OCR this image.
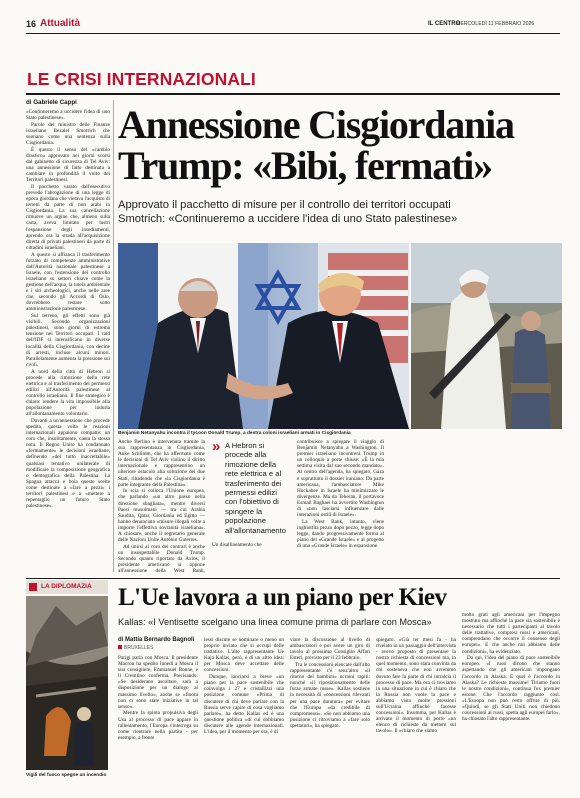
16 Attualità	IL CENTRO
MERCOLEDÌ 11 FEBBRAIO 2026
LE CRISI INTERNAZIONALI
di Gabriele Cappi

«Continueremo a uccidere l'idea di uno Stato palestinese».

Parole del ministro delle Finanze israeliano Bezalel Smotrich che suonano come una sentenza sulla Cisgiordania.

È questo il senso del «cambio drastico» approvato nei giorni scorsi dal gabinetto di sicurezza di Tel Aviv: una annessione di fatto destinata a cambiare in profondità il volto dei Territori palestinesi.

Il pacchetto varato dall'esecutivo prevede l'abrogazione di una legge di epoca giordana che vietava l'acquisto di terreni da parte di non arabi in Cisgiordania. La sua cancellazione rimuove un argine che, almeno sulla carta, aveva limitato per lustri l'espansione degli insediamenti, aprendo ora la strada all'acquisizione diretta di privati palestinesi da parte di cittadini israeliani.

A questo si affianca il trasferimento forzato di competenze amministrative dall'Autorità nazionale palestinese a Israele, con l'estensione del controllo israeliano su settori chiave come la gestione dell'acqua, la tutela ambientale e i siti archeologici, anche nelle aree che, secondo gli Accordi di Oslo, dovrebbero restare sotto amministrazione palestinese.

Sul terreno, gli effetti sono già visibili. Secondo organizzazioni palestinesi, sono giorni di estrema tensione nei Territori occupati. I raid dell'IDF si intensificano in diverse località della Cisgiordania, con decine di arresti, incluse alcuni minori. Parallelamente aumenta la pressione sui civili.

A nord della città di Hebron si procede alla rimozione della rete elettrica e al trasferimento dei permessi edilizi all'Autorità palestinese al controllo israeliano. Il fine strategico è chiaro: rendere la vita impossibile alla popolazione per indurla all'allontanamento volontario.

Davanti a un'annessione che procede spedita, questa volta le reazioni internazionali appaiono compatte: un coro che, insolitamente, canta la stessa nota. Il Regno Unito ha condannato «fermamente» le decisioni israeliane, definendo «del tutto inaccettabile» qualsiasi tentativo unilaterale di modificare la composizione geografica o demografica della Palestina. La Spagna attacca e boia queste scelte come destinate a «fare a pezzi» i territori palestinesi e a «mettere a repentaglio un futuro Stato palestinese».

Annessione Cisgiordania
Trump: «Bibi, fermati»
Approvato il pacchetto di misure per il controllo dei territori occupati
Smotrich: «Continueremo a uccidere l'idea di uno Stato palestinese»
Benjamin Netanyahu incontra il tycoon Donald Trump, a destra coloni israeliani armati in Cisgiordania

Anche Berlino è intervenuta tramite la sua rappresentanza in Cisgiordania, Anke Schlimm, che ha affermato come le decisioni di Tel Aviv violino il diritto internazionale e rappresentino un ulteriore ostacolo alla soluzione dei due Stati, ribadendo che «la Cisgiordania è parte integrante della Palestina».

In scia si colloca l'Unione europea, che parlando «un altro passo nella direzione sbagliata», mentre diversi Paesi musulmani — tra cui Arabia Saudita, Qatar, Giordania ed Egitto — hanno denunciato «misure illegali volte a imporre l'effettiva sovranità israeliana». A chiosare, anche il segretario generale delle Nazioni Unite António Guterres.

Ad unirsi al coro dei contrari è anche un insospettabile Donald Trump. Secondo quanto riportato da Axios, il presidente americano si oppone all'annessione della West Bank,

» A Hebron si procede alla rimozione della rete elettrica e al trasferimento dei permessi edilizi con l'obiettivo di spingere la popolazione all'allontanamento

Un disallineamento che

contribuisce a spiegare il viaggio di Benjamin Netanyahu a Washington. Il premier israeliano incontrerà Trump in un colloquio a porte chiuse: «È la mia settima visita dal suo secondo mandato». Al centro dell'agenda, ha spiegato, Gaza e soprattutto il dossier iraniano. Da parte americana, l'ambasciatore Mike Huckabee in Israele ha minimizzato le divergenze. Ma da Teheran, il portavoce Esmail Baghaei ha avvertito Washington di «non lasciarsi influenzare dalle interazioni ostili di Israele».

La West Bank, intanto, viene inghiottita pezzo dopo pezzo, legge dopo legge, dando progressivamente forma al piano del «Grande Israele» e al progetto di una «Grande Israele» in espansione.

LA DIPLOMAZIA
Vigili del fuoco spegne un incendio
L'Ue lavora a un piano per Kiev
Kallas: «I Ventisette scelgano una linea comune prima di parlare con Mosca»
di Mattia Bernardo Bagnoli
BRUXELLES

Parigi parla con Mosca. Il presidente Macron ha spedito lunedì a Mosca il suo consigliere, Emmanuel Bonne, e il Cremlino conferma. Precisando: «Se desiderano ascoltare, sarà a disposizione per un dialogo al massimo livello», anche se «finora non ci sono state iniziative in tal senso».

Mentre la spinta propulsiva degli Usa al processo di pace appare in rallentamento, l'Europa s'interroga su come rientrare nella partita - per esempio, a fronte

lessi discute se nominare o meno un proprio inviato che si occupi delle trattative. L'alto rappresentante Ue Kaja Kallas, però, è di un altro idea: per Mosca deve accettare delle concessioni.

Dunque, lanciarsi a breve «un piano per la pace sostenibile che coinvolga i 27 e cristallizzi una posizione comune «Prima di discutere di chi deve parlare con la Russia serve capire di cosa vogliamo parlare», ha detto Kallas ed è una questione politica «di cui dobbiamo discutere alle agende internazionali. L'idea, per il momento per ora, è di

viare la discussione al livello di ambasciatori e poi avere un giro di tavolo al prossimo Consiglio Affari Esteri, previsto per il 23 febbraio.

Tra le concessioni elencate dall'alto rappresentante c'è senz'altro «il ritorno dei bambini» ucraini rapiti: nonché «il riposizionamento delle forze armate russe». Kallas sostiene la necessità di «concessioni rilevanti per una pace duratura» per evitare che l'Europa «da credibile di compromessi». «Se non abbiamo una posizione ci ritroviamo a «fare solo spettatori», ha spiegato.

spiegato. «Già ter mesi fa - ha rivelato in un passaggio dell'intervista - avevo proposto di presentare la nostra richiesta di concessioni ma, in quel momento, sono stata convinta da chi sosteneva che non avremmo dovuto fare la parte di chi intralcia il processo di pace. Ma ora ci troviamo in una situazione in cui è chiaro che la Russia non vuole la pace e abbiamo visto molte pressioni sull'Ucraina affinché facesse concessioni». Insomma, per Kallas è arrivato il momento di porre «un elenco di richieste da mettere sul tavolo». Il «chiaro che siamo

molto grati agli americani per l'impegno mostrato ma affinché la pace sia sostenibile è necessario che tutti i partecipanti al tavolo delle trattative, compresi russi e americani, comprendano che occorre il consenso degli europei». E che anche noi abbiamo delle condizioni», ha evidenziato.

Da qui, l'idea del piano di pace sostenibile europeo. «I russi dicono che stanno aspettando che gli americani impongano l'accordo in Alaska. E quel è l'accordo in Alaska? Le richieste massime! Tiriamo fuori le nostre condizioni», continua l'ex premier estone. Che l'accordo raggiunto così. «L'Europa non può certo offrire di più. «Quindi, se gli Stati Uniti non chiedono concessioni ai russi, spetta agli europei farlo», ha chiosato l'alto rappresentante.
